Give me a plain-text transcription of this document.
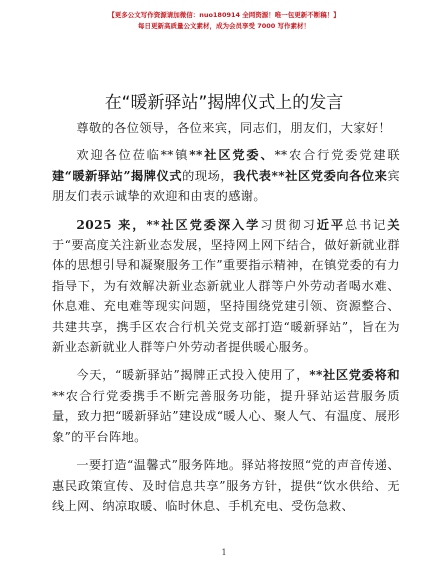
【更多公文写作资源请加微信：nuo180914 全网资源！唯一包更新不断稿！】
每日更新高质量公文素材，成为会员享受 7000 写作素材！
在“暖新驿站”揭牌仪式上的发言

尊敬的各位领导，各位来宾，同志们，朋友们，大家好！

欢迎各位莅临**镇**社区党委、**农合行党委党建联建“暖新驿站”揭牌仪式的现场，我代表**社区党委向各位来宾朋友们表示诚挚的欢迎和由衷的感谢。

2025 来，**社区党委深入学习贯彻习近平总书记关于“要高度关注新业态发展，坚持网上网下结合，做好新就业群体的思想引导和凝聚服务工作”重要指示精神，在镇党委的有力指导下，为有效解决新业态新就业人群等户外劳动者喝水难、休息难、充电难等现实问题，坚持围绕党建引领、资源整合、共建共享，携手区农合行机关党支部打造“暖新驿站”，旨在为新业态新就业人群等户外劳动者提供暖心服务。

今天，“暖新驿站”揭牌正式投入使用了，**社区党委将和**农合行党委携手不断完善服务功能，提升驿站运营服务质量，致力把“暖新驿站”建设成“暖人心、聚人气、有温度、展形象”的平台阵地。

一要打造“温馨式”服务阵地。驿站将按照“党的声音传递、惠民政策宣传、及时信息共享”服务方针，提供“饮水供给、无线上网、纳凉取暖、临时休息、手机充电、受伤急救、

1
